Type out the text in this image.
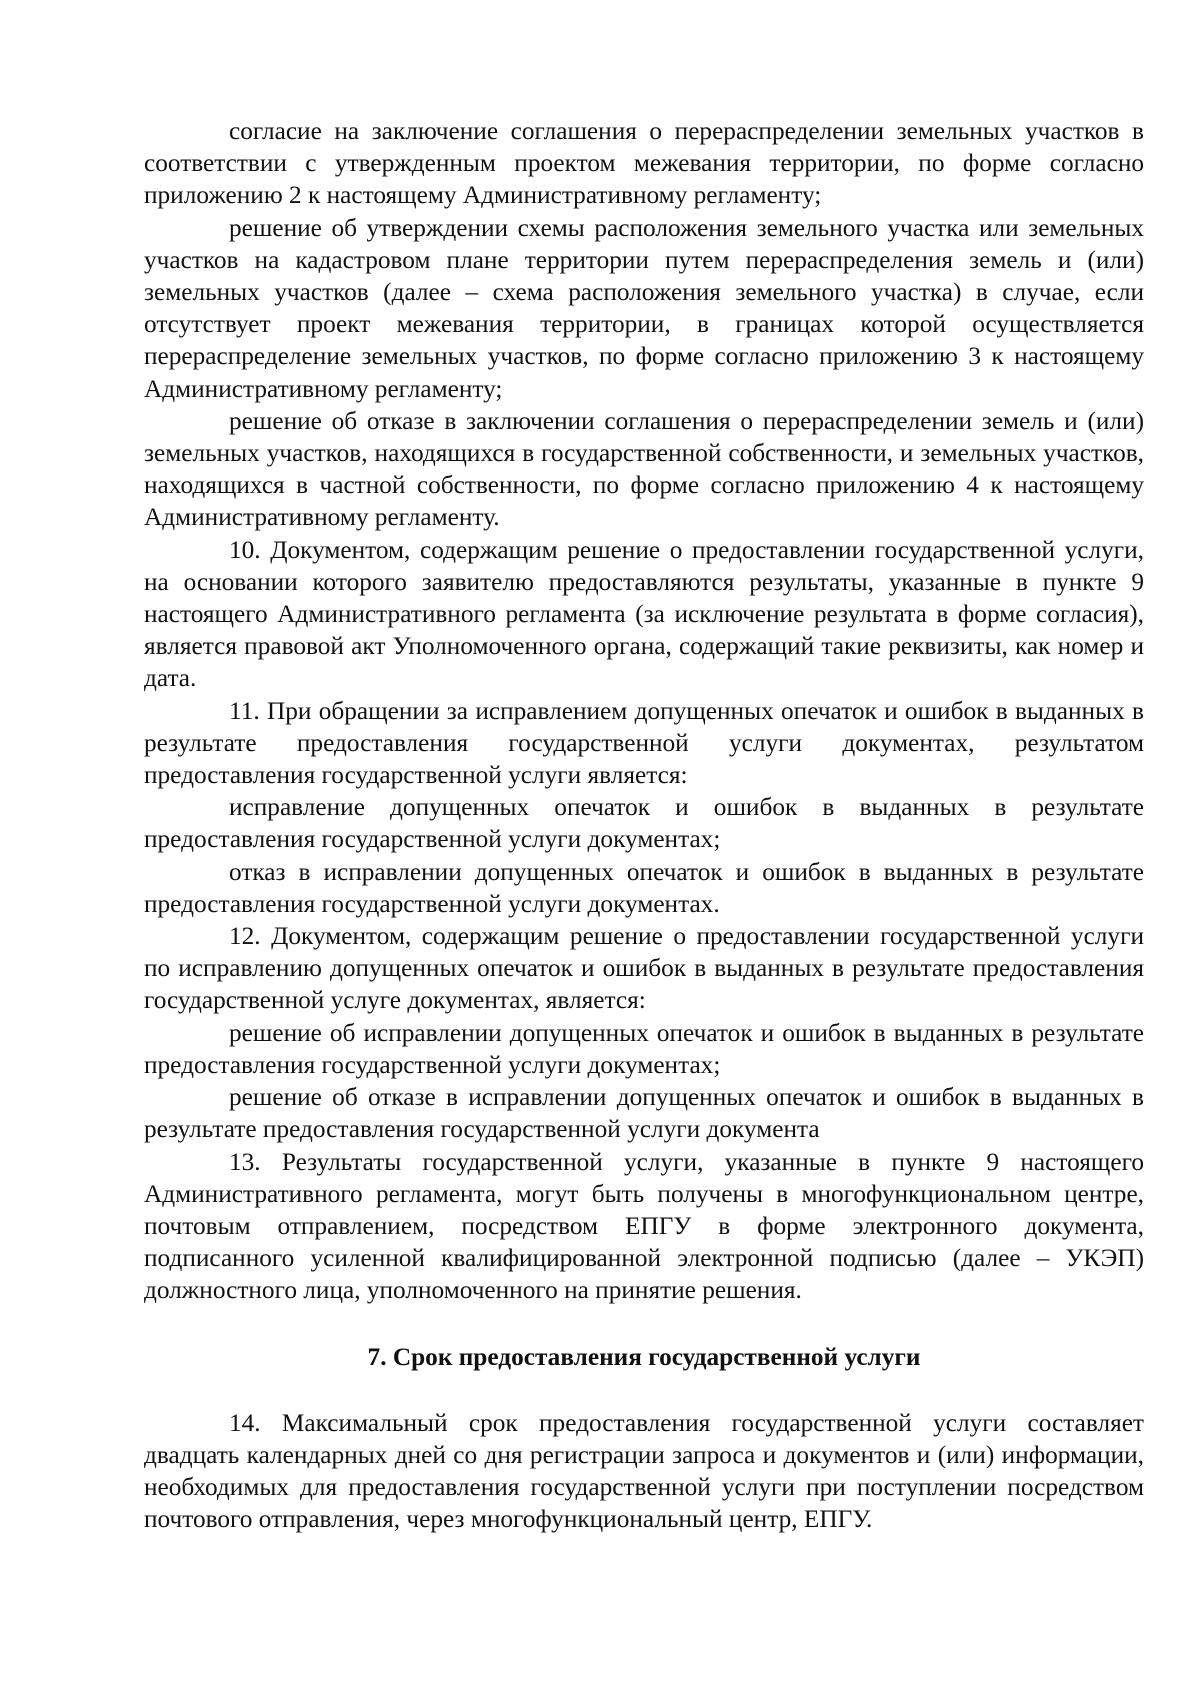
согласие на заключение соглашения о перераспределении земельных участков в соответствии с утвержденным проектом межевания территории, по форме согласно приложению 2 к настоящему Административному регламенту;

решение об утверждении схемы расположения земельного участка или земельных участков на кадастровом плане территории путем перераспределения земель и (или) земельных участков (далее – схема расположения земельного участка) в случае, если отсутствует проект межевания территории, в границах которой осуществляется перераспределение земельных участков, по форме согласно приложению 3 к настоящему Административному регламенту;

решение об отказе в заключении соглашения о перераспределении земель и (или) земельных участков, находящихся в государственной собственности, и земельных участков, находящихся в частной собственности, по форме согласно приложению 4 к настоящему Административному регламенту.

10. Документом, содержащим решение о предоставлении государственной услуги, на основании которого заявителю предоставляются результаты, указанные в пункте 9 настоящего Административного регламента (за исключение результата в форме согласия), является правовой акт Уполномоченного органа, содержащий такие реквизиты, как номер и дата.

11. При обращении за исправлением допущенных опечаток и ошибок в выданных в результате предоставления государственной услуги документах, результатом предоставления государственной услуги является:

исправление допущенных опечаток и ошибок в выданных в результате предоставления государственной услуги документах;

отказ в исправлении допущенных опечаток и ошибок в выданных в результате предоставления государственной услуги документах.

12. Документом, содержащим решение о предоставлении государственной услуги по исправлению допущенных опечаток и ошибок в выданных в результате предоставления государственной услуге документах, является:

решение об исправлении допущенных опечаток и ошибок в выданных в результате предоставления государственной услуги документах;

решение об отказе в исправлении допущенных опечаток и ошибок в выданных в результате предоставления государственной услуги документа

13. Результаты государственной услуги, указанные в пункте 9 настоящего Административного регламента, могут быть получены в многофункциональном центре, почтовым отправлением, посредством ЕПГУ в форме электронного документа, подписанного усиленной квалифицированной электронной подписью (далее – УКЭП) должностного лица, уполномоченного на принятие решения.

7. Срок предоставления государственной услуги

14. Максимальный срок предоставления государственной услуги составляет двадцать календарных дней со дня регистрации запроса и документов и (или) информации, необходимых для предоставления государственной услуги при поступлении посредством почтового отправления, через многофункциональный центр, ЕПГУ.
